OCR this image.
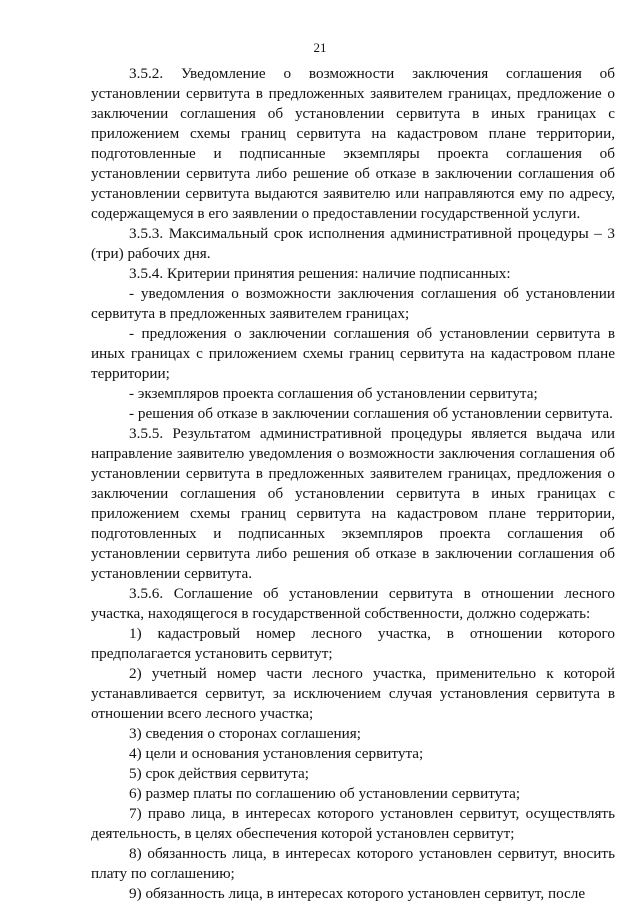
21

3.5.2. Уведомление о возможности заключения соглашения об установлении сервитута в предложенных заявителем границах, предложение о заключении соглашения об установлении сервитута в иных границах с приложением схемы границ сервитута на кадастровом плане территории, подготовленные и подписанные экземпляры проекта соглашения об установлении сервитута либо решение об отказе в заключении соглашения об установлении сервитута выдаются заявителю или направляются ему по адресу, содержащемуся в его заявлении о предоставлении государственной услуги.

3.5.3. Максимальный срок исполнения административной процедуры – 3 (три) рабочих дня.

3.5.4. Критерии принятия решения: наличие подписанных:

- уведомления о возможности заключения соглашения об установлении сервитута в предложенных заявителем границах;

- предложения о заключении соглашения об установлении сервитута в иных границах с приложением схемы границ сервитута на кадастровом плане территории;

- экземпляров проекта соглашения об установлении сервитута;

- решения об отказе в заключении соглашения об установлении сервитута.

3.5.5. Результатом административной процедуры является выдача или направление заявителю уведомления о возможности заключения соглашения об установлении сервитута в предложенных заявителем границах, предложения о заключении соглашения об установлении сервитута в иных границах с приложением схемы границ сервитута на кадастровом плане территории, подготовленных и подписанных экземпляров проекта соглашения об установлении сервитута либо решения об отказе в заключении соглашения об установлении сервитута.

3.5.6. Соглашение об установлении сервитута в отношении лесного участка, находящегося в государственной собственности, должно содержать:

1) кадастровый номер лесного участка, в отношении которого предполагается установить сервитут;

2) учетный номер части лесного участка, применительно к которой устанавливается сервитут, за исключением случая установления сервитута в отношении всего лесного участка;

3) сведения о сторонах соглашения;

4) цели и основания установления сервитута;

5) срок действия сервитута;

6) размер платы по соглашению об установлении сервитута;

7) право лица, в интересах которого установлен сервитут, осуществлять деятельность, в целях обеспечения которой установлен сервитут;

8) обязанность лица, в интересах которого установлен сервитут, вносить плату по соглашению;

9) обязанность лица, в интересах которого установлен сервитут, после
